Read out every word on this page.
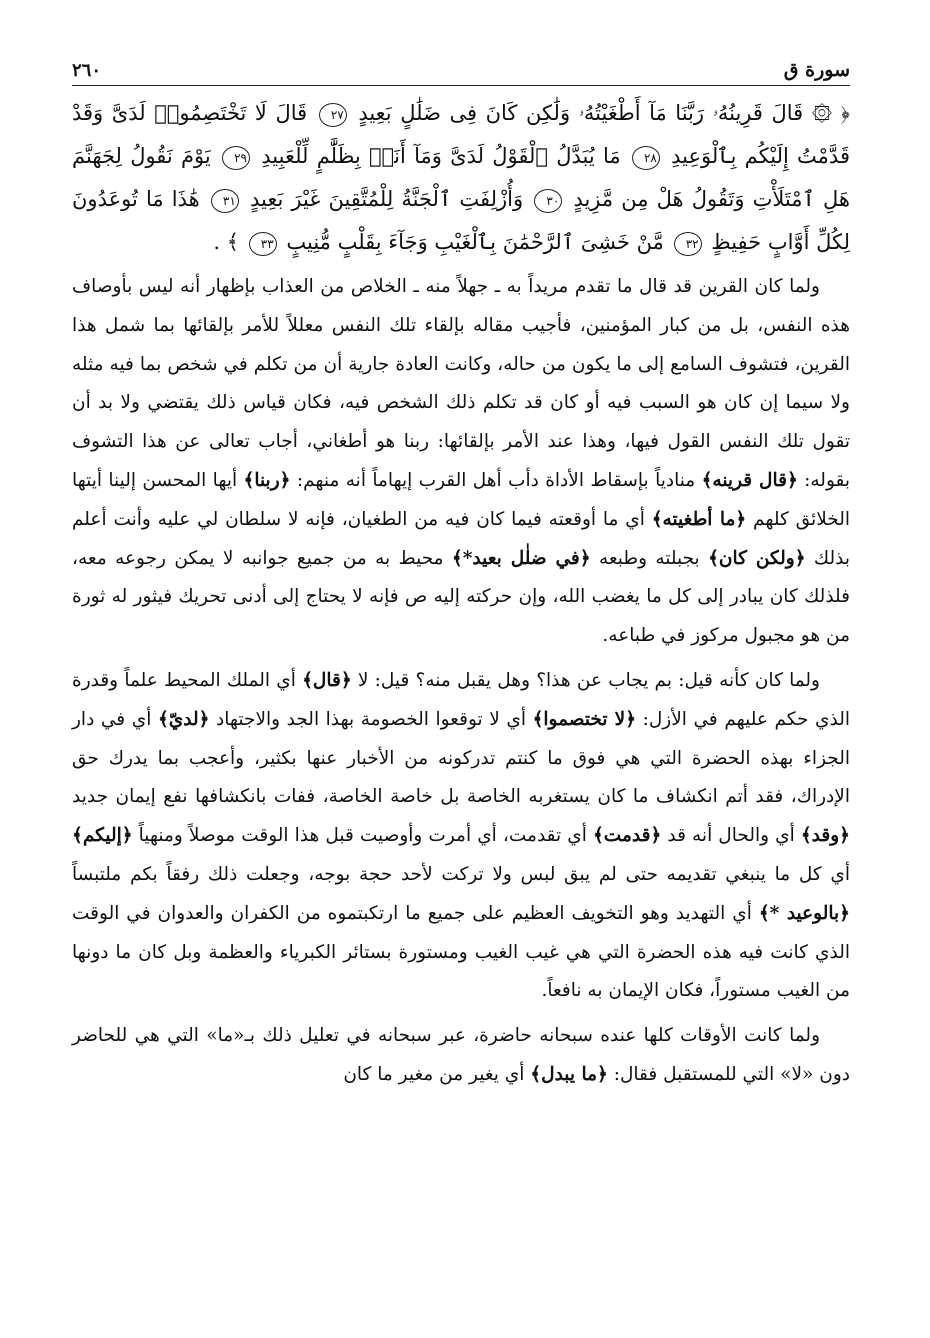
سورة ق
٢٦٠
﴿ ۞ قَالَ قَرِينُهُۥ رَبَّنَا مَآ أَطْغَيْتُهُۥ وَلَٰكِن كَانَ فِى ضَلَٰلٍ بَعِيدٍ ٢٧ قَالَ لَا تَخْتَصِمُوا۟ لَدَىَّ وَقَدْ قَدَّمْتُ إِلَيْكُم بِٱلْوَعِيدِ ٢٨ مَا يُبَدَّلُ ٱلْقَوْلُ لَدَىَّ وَمَآ أَنَا۠ بِظَلَّٰمٍ لِّلْعَبِيدِ ٢٩ يَوْمَ نَقُولُ لِجَهَنَّمَ هَلِ ٱمْتَلَأْتِ وَتَقُولُ هَلْ مِن مَّزِيدٍ ٣٠ وَأُزْلِفَتِ ٱلْجَنَّةُ لِلْمُتَّقِينَ غَيْرَ بَعِيدٍ ٣١ هَٰذَا مَا تُوعَدُونَ لِكُلِّ أَوَّابٍ حَفِيظٍ ٣٢ مَّنْ خَشِىَ ٱلرَّحْمَٰنَ بِٱلْغَيْبِ وَجَآءَ بِقَلْبٍ مُّنِيبٍ ٣٣ ﴾ .

ولما كان القرين قد قال ما تقدم مريداً به ـ جهلاً منه ـ الخلاص من العذاب بإظهار أنه ليس بأوصاف هذه النفس، بل من كبار المؤمنين، فأجيب مقاله بإلقاء تلك النفس معللاً للأمر بإلقائها بما شمل هذا القرين، فتشوف السامع إلى ما يكون من حاله، وكانت العادة جارية أن من تكلم في شخص بما فيه مثله ولا سيما إن كان هو السبب فيه أو كان قد تكلم ذلك الشخص فيه، فكان قياس ذلك يقتضي ولا بد أن تقول تلك النفس القول فيها، وهذا عند الأمر بإلقائها: ربنا هو أطغاني، أجاب تعالى عن هذا التشوف بقوله: ﴿قال قرينه﴾ منادياً بإسقاط الأداة دأب أهل القرب إيهاماً أنه منهم: ﴿ربنا﴾ أيها المحسن إلينا أيتها الخلائق كلهم ﴿ما أطغيته﴾ أي ما أوقعته فيما كان فيه من الطغيان، فإنه لا سلطان لي عليه وأنت أعلم بذلك ﴿ولكن كان﴾ بجبلته وطبعه ﴿في ضلٰل بعيد*﴾ محيط به من جميع جوانبه لا يمكن رجوعه معه، فلذلك كان يبادر إلى كل ما يغضب الله، وإن حركته إليه ص فإنه لا يحتاج إلى أدنى تحريك فيثور له ثورة من هو مجبول مركوز في طباعه.

ولما كان كأنه قيل: بم يجاب عن هذا؟ وهل يقبل منه؟ قيل: لا ﴿قال﴾ أي الملك المحيط علماً وقدرة الذي حكم عليهم في الأزل: ﴿لا تختصموا﴾ أي لا توقعوا الخصومة بهذا الجد والاجتهاد ﴿لديّ﴾ أي في دار الجزاء بهذه الحضرة التي هي فوق ما كنتم تدركونه من الأخبار عنها بكثير، وأعجب بما يدرك حق الإدراك، فقد أتم انكشاف ما كان يستغربه الخاصة بل خاصة الخاصة، ففات بانكشافها نفع إيمان جديد ﴿وقد﴾ أي والحال أنه قد ﴿قدمت﴾ أي تقدمت، أي أمرت وأوصيت قبل هذا الوقت موصلاً ومنهياً ﴿إليكم﴾ أي كل ما ينبغي تقديمه حتى لم يبق لبس ولا تركت لأحد حجة بوجه، وجعلت ذلك رفقاً بكم ملتبساً ﴿بالوعيد *﴾ أي التهديد وهو التخويف العظيم على جميع ما ارتكبتموه من الكفران والعدوان في الوقت الذي كانت فيه هذه الحضرة التي هي غيب الغيب ومستورة بستائر الكبرياء والعظمة وبل كان ما دونها من الغيب مستوراً، فكان الإيمان به نافعاً.

ولما كانت الأوقات كلها عنده سبحانه حاضرة، عبر سبحانه في تعليل ذلك بـ«ما» التي هي للحاضر دون «لا» التي للمستقبل فقال: ﴿ما يبدل﴾ أي يغير من مغير ما كان
